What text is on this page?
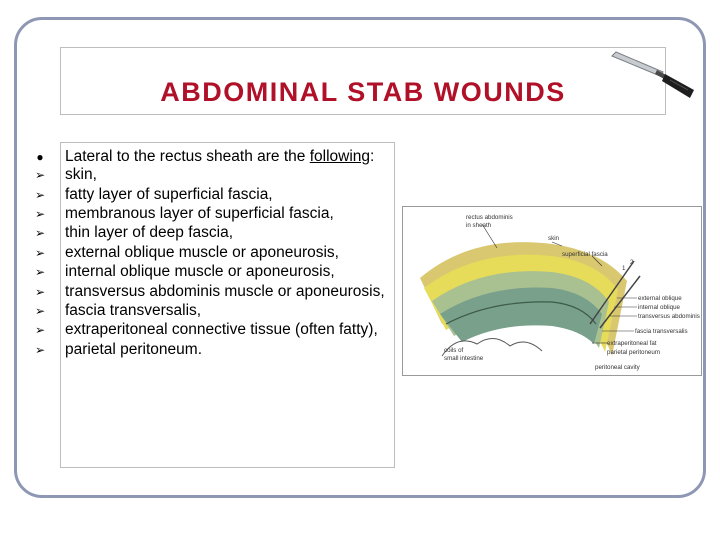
ABDOMINAL STAB WOUNDS
●	Lateral to the rectus sheath are the following:
➢	skin,
➢	fatty layer of superficial fascia,
➢	membranous layer of superficial fascia,
➢	thin layer of deep fascia,
➢	external oblique muscle or aponeurosis,
➢	internal oblique muscle or aponeurosis,
➢	transversus abdominis muscle or aponeurosis,
➢	fascia transversalis,
➢	extraperitoneal connective tissue (often fatty),
➢	parietal peritoneum.
rectus abdominis
in sheath
skin
superficial fascia
1
2
external oblique
internal oblique
transversus abdominis
fascia transversalis
coils of
small intestine
extraperitoneal fat
parietal peritoneum
peritoneal cavity
